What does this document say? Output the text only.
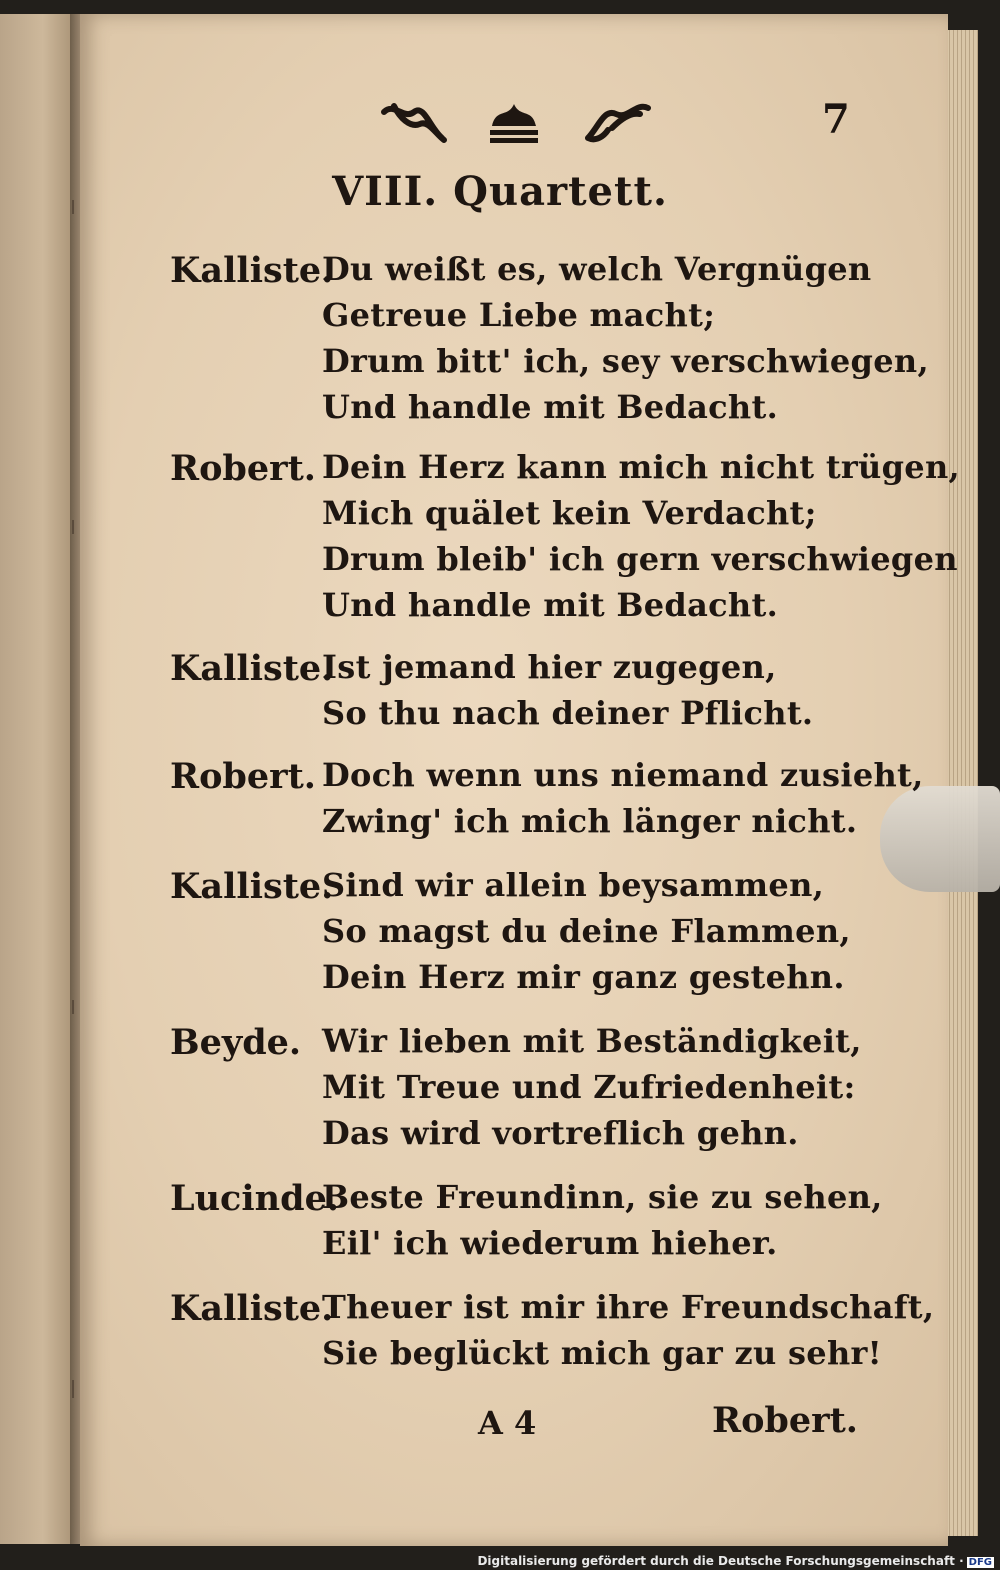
7
VIII. Quartett.
Kalliste.
Du weißt es, welch Vergnügen
Getreue Liebe macht;
Drum bitt' ich, sey verschwiegen,
Und handle mit Bedacht.
Robert. Dein Herz kann mich nicht trügen,
Mich quälet kein Verdacht;
Drum bleib' ich gern verschwiegen
Und handle mit Bedacht.
Kalliste.
Ist jemand hier zugegen,
So thu nach deiner Pflicht.
Robert. Doch wenn uns niemand zusieht,
Zwing' ich mich länger nicht.
Kalliste.
Sind wir allein beysammen,
So magst du deine Flammen,
Dein Herz mir ganz gestehn.
Beyde. Wir lieben mit Beständigkeit,
Mit Treue und Zufriedenheit:
Das wird vortreflich gehn.
Lucinde.
Beste Freundinn, sie zu sehen,
Eil' ich wiederum hieher.
Kalliste.
Theuer ist mir ihre Freundschaft,
Sie beglückt mich gar zu sehr!
A 4	Robert.
Digitalisierung gefördert durch die Deutsche Forschungsgemeinschaft · DFG
